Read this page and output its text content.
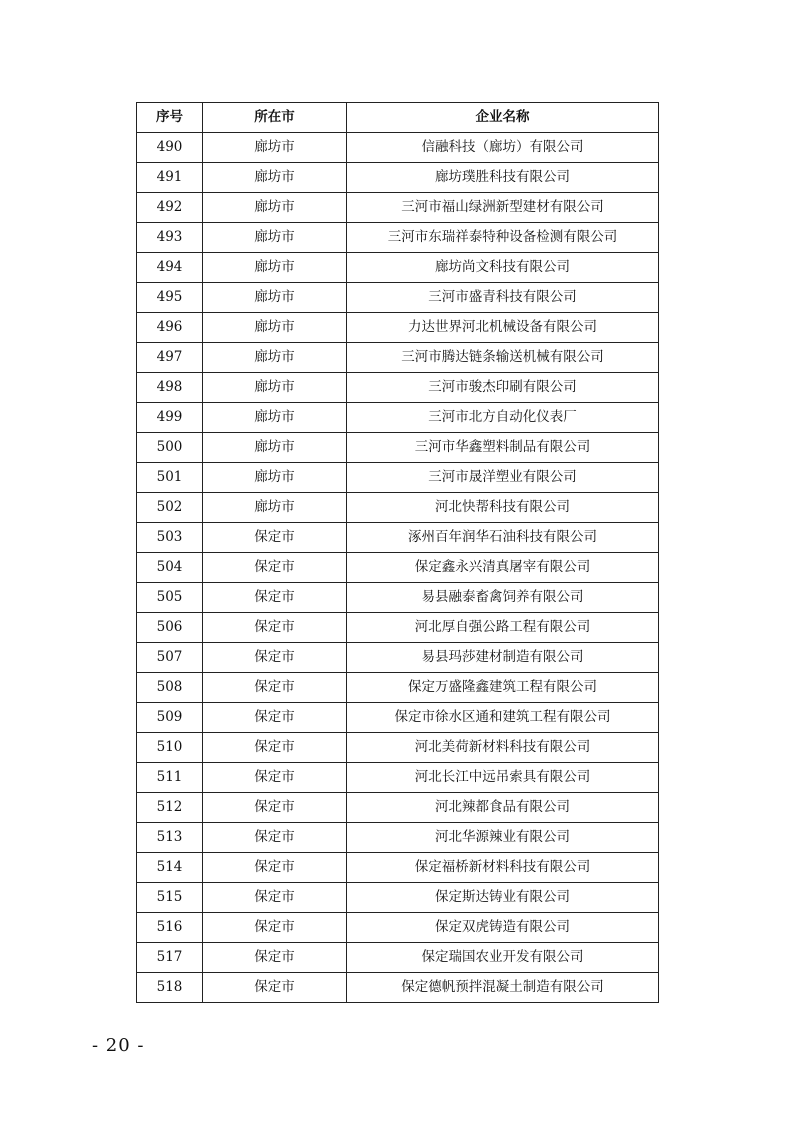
序号	所在市	企业名称
490	廊坊市	信融科技（廊坊）有限公司
491	廊坊市	廊坊璞胜科技有限公司
492	廊坊市	三河市福山绿洲新型建材有限公司
493	廊坊市	三河市东瑞祥泰特种设备检测有限公司
494	廊坊市	廊坊尚文科技有限公司
495	廊坊市	三河市盛青科技有限公司
496	廊坊市	力达世界河北机械设备有限公司
497	廊坊市	三河市腾达链条输送机械有限公司
498	廊坊市	三河市骏杰印刷有限公司
499	廊坊市	三河市北方自动化仪表厂
500	廊坊市	三河市华鑫塑料制品有限公司
501	廊坊市	三河市晟洋塑业有限公司
502	廊坊市	河北快帮科技有限公司
503	保定市	涿州百年润华石油科技有限公司
504	保定市	保定鑫永兴清真屠宰有限公司
505	保定市	易县融泰畜禽饲养有限公司
506	保定市	河北厚自强公路工程有限公司
507	保定市	易县玛莎建材制造有限公司
508	保定市	保定万盛隆鑫建筑工程有限公司
509	保定市	保定市徐水区通和建筑工程有限公司
510	保定市	河北美荷新材料科技有限公司
511	保定市	河北长江中远吊索具有限公司
512	保定市	河北辣都食品有限公司
513	保定市	河北华源辣业有限公司
514	保定市	保定福桥新材料科技有限公司
515	保定市	保定斯达铸业有限公司
516	保定市	保定双虎铸造有限公司
517	保定市	保定瑞国农业开发有限公司
518	保定市	保定德帆预拌混凝土制造有限公司
- 20 -
